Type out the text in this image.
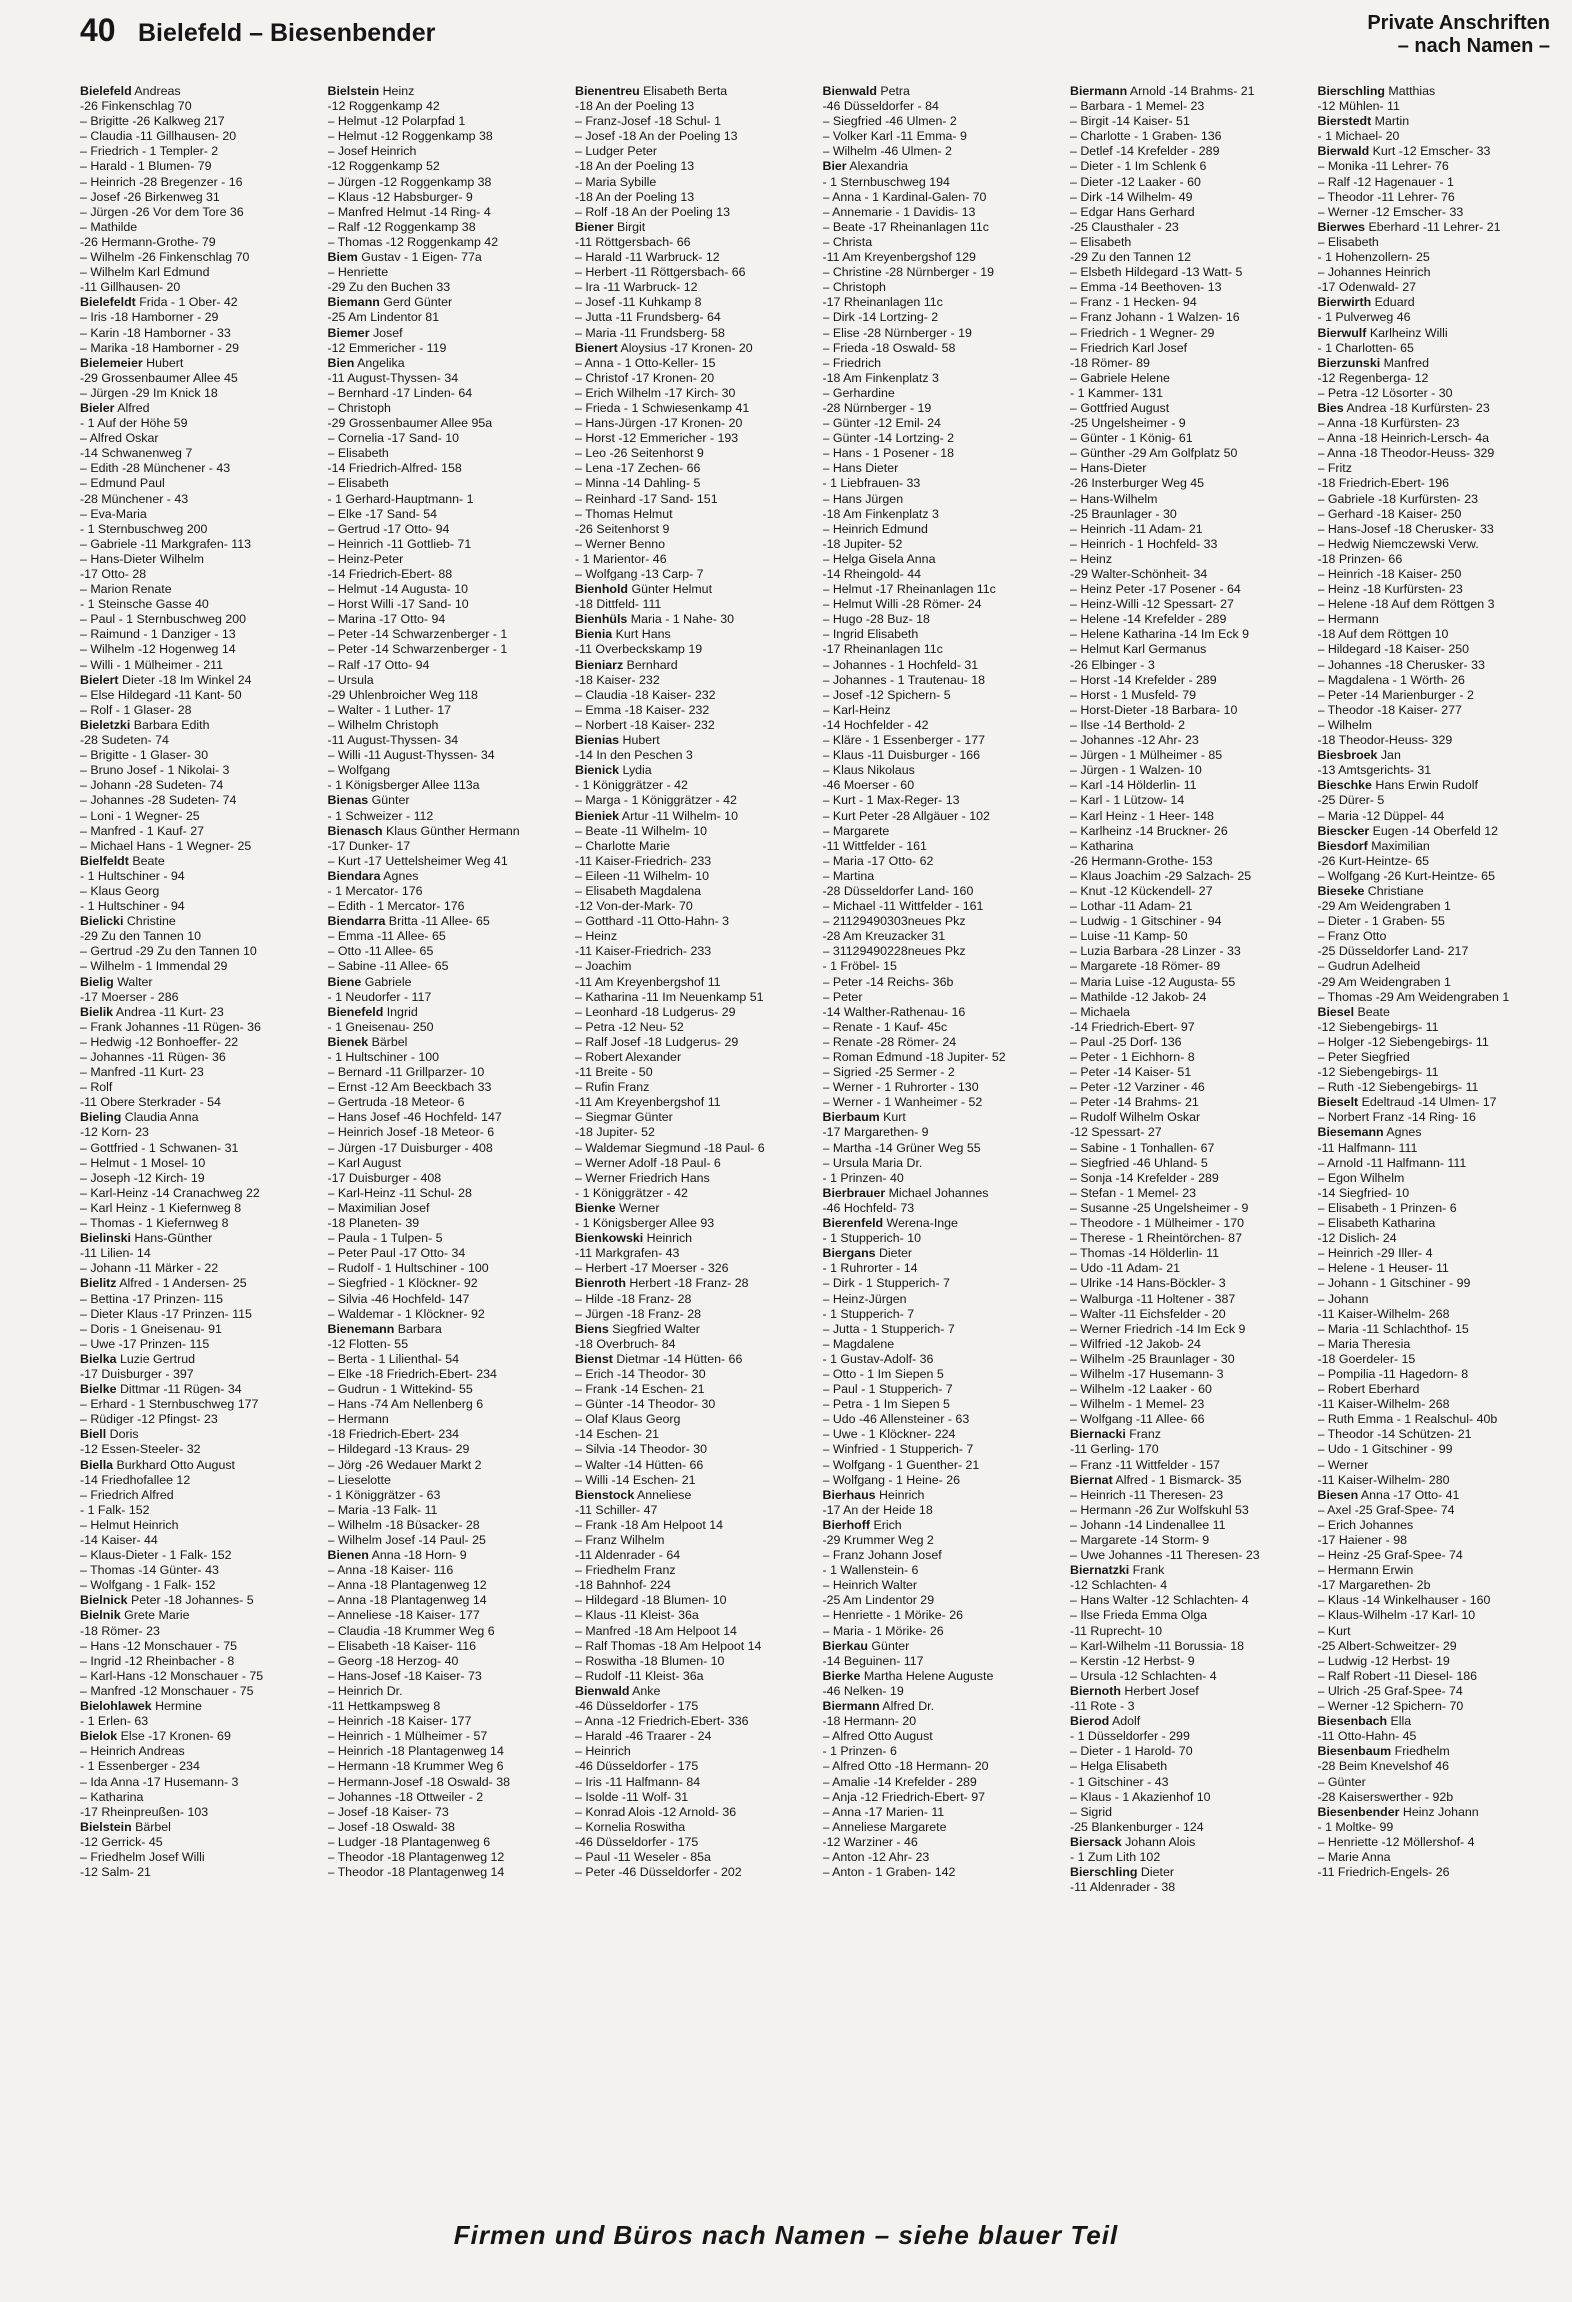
40 Bielefeld – Biesenbender	Private Anschriften
– nach Namen –
Bielefeld Andreas
-26 Finkenschlag 70
– Brigitte -26 Kalkweg 217
– Claudia -11 Gillhausen- 20
– Friedrich - 1 Templer- 2
– Harald - 1 Blumen- 79
– Heinrich -28 Bregenzer - 16
– Josef -26 Birkenweg 31
– Jürgen -26 Vor dem Tore 36
– Mathilde
-26 Hermann-Grothe- 79
– Wilhelm -26 Finkenschlag 70
– Wilhelm Karl Edmund
-11 Gillhausen- 20
Bielefeldt Frida - 1 Ober- 42
– Iris -18 Hamborner - 29
– Karin -18 Hamborner - 33
– Marika -18 Hamborner - 29
Bielemeier Hubert
-29 Grossenbaumer Allee 45
– Jürgen -29 Im Knick 18
Bieler Alfred
- 1 Auf der Höhe 59
– Alfred Oskar
-14 Schwanenweg 7
– Edith -28 Münchener - 43
– Edmund Paul
-28 Münchener - 43
– Eva-Maria
- 1 Sternbuschweg 200
– Gabriele -11 Markgrafen- 113
– Hans-Dieter Wilhelm
-17 Otto- 28
– Marion Renate
- 1 Steinsche Gasse 40
– Paul - 1 Sternbuschweg 200
– Raimund - 1 Danziger - 13
– Wilhelm -12 Hogenweg 14
– Willi - 1 Mülheimer - 211
Bielert Dieter -18 Im Winkel 24
– Else Hildegard -11 Kant- 50
– Rolf - 1 Glaser- 28
Bieletzki Barbara Edith
-28 Sudeten- 74
– Brigitte - 1 Glaser- 30
– Bruno Josef - 1 Nikolai- 3
– Johann -28 Sudeten- 74
– Johannes -28 Sudeten- 74
– Loni - 1 Wegner- 25
– Manfred - 1 Kauf- 27
– Michael Hans - 1 Wegner- 25
Bielfeldt Beate
- 1 Hultschiner - 94
– Klaus Georg
- 1 Hultschiner - 94
Bielicki Christine
-29 Zu den Tannen 10
– Gertrud -29 Zu den Tannen 10
– Wilhelm - 1 Immendal 29
Bielig Walter
-17 Moerser - 286
Bielik Andrea -11 Kurt- 23
– Frank Johannes -11 Rügen- 36
– Hedwig -12 Bonhoeffer- 22
– Johannes -11 Rügen- 36
– Manfred -11 Kurt- 23
– Rolf
-11 Obere Sterkrader - 54
Bieling Claudia Anna
-12 Korn- 23
– Gottfried - 1 Schwanen- 31
– Helmut - 1 Mosel- 10
– Joseph -12 Kirch- 19
– Karl-Heinz -14 Cranachweg 22
– Karl Heinz - 1 Kiefernweg 8
– Thomas - 1 Kiefernweg 8
Bielinski Hans-Günther
-11 Lilien- 14
– Johann -11 Märker - 22
Bielitz Alfred - 1 Andersen- 25
– Bettina -17 Prinzen- 115
– Dieter Klaus -17 Prinzen- 115
– Doris - 1 Gneisenau- 91
– Uwe -17 Prinzen- 115
Bielka Luzie Gertrud
-17 Duisburger - 397
Bielke Dittmar -11 Rügen- 34
– Erhard - 1 Sternbuschweg 177
– Rüdiger -12 Pfingst- 23
Biell Doris
-12 Essen-Steeler- 32
Biella Burkhard Otto August
-14 Friedhofallee 12
– Friedrich Alfred
- 1 Falk- 152
– Helmut Heinrich
-14 Kaiser- 44
– Klaus-Dieter - 1 Falk- 152
– Thomas -14 Günter- 43
– Wolfgang - 1 Falk- 152
Bielnick Peter -18 Johannes- 5
Bielnik Grete Marie
-18 Römer- 23
– Hans -12 Monschauer - 75
– Ingrid -12 Rheinbacher - 8
– Karl-Hans -12 Monschauer - 75
– Manfred -12 Monschauer - 75
Bielohlawek Hermine
- 1 Erlen- 63
Bielok Else -17 Kronen- 69
– Heinrich Andreas
- 1 Essenberger - 234
– Ida Anna -17 Husemann- 3
– Katharina
-17 Rheinpreußen- 103
Bielstein Bärbel
-12 Gerrick- 45
– Friedhelm Josef Willi
-12 Salm- 21
Bielstein Heinz
-12 Roggenkamp 42
– Helmut -12 Polarpfad 1
– Helmut -12 Roggenkamp 38
– Josef Heinrich
-12 Roggenkamp 52
– Jürgen -12 Roggenkamp 38
– Klaus -12 Habsburger- 9
– Manfred Helmut -14 Ring- 4
– Ralf -12 Roggenkamp 38
– Thomas -12 Roggenkamp 42
Biem Gustav - 1 Eigen- 77a
– Henriette
-29 Zu den Buchen 33
Biemann Gerd Günter
-25 Am Lindentor 81
Biemer Josef
-12 Emmericher - 119
Bien Angelika
-11 August-Thyssen- 34
– Bernhard -17 Linden- 64
– Christoph
-29 Grossenbaumer Allee 95a
– Cornelia -17 Sand- 10
– Elisabeth
-14 Friedrich-Alfred- 158
– Elisabeth
- 1 Gerhard-Hauptmann- 1
– Elke -17 Sand- 54
– Gertrud -17 Otto- 94
– Heinrich -11 Gottlieb- 71
– Heinz-Peter
-14 Friedrich-Ebert- 88
– Helmut -14 Augusta- 10
– Horst Willi -17 Sand- 10
– Marina -17 Otto- 94
– Peter -14 Schwarzenberger - 1
– Peter -14 Schwarzenberger - 1
– Ralf -17 Otto- 94
– Ursula
-29 Uhlenbroicher Weg 118
– Walter - 1 Luther- 17
– Wilhelm Christoph
-11 August-Thyssen- 34
– Willi -11 August-Thyssen- 34
– Wolfgang
- 1 Königsberger Allee 113a
Bienas Günter
- 1 Schweizer - 112
Bienasch Klaus Günther Hermann
-17 Dunker- 17
– Kurt -17 Uettelsheimer Weg 41
Biendara Agnes
- 1 Mercator- 176
– Edith - 1 Mercator- 176
Biendarra Britta -11 Allee- 65
– Emma -11 Allee- 65
– Otto -11 Allee- 65
– Sabine -11 Allee- 65
Biene Gabriele
- 1 Neudorfer - 117
Bienefeld Ingrid
- 1 Gneisenau- 250
Bienek Bärbel
- 1 Hultschiner - 100
– Bernard -11 Grillparzer- 10
– Ernst -12 Am Beeckbach 33
– Gertruda -18 Meteor- 6
– Hans Josef -46 Hochfeld- 147
– Heinrich Josef -18 Meteor- 6
– Jürgen -17 Duisburger - 408
– Karl August
-17 Duisburger - 408
– Karl-Heinz -11 Schul- 28
– Maximilian Josef
-18 Planeten- 39
– Paula - 1 Tulpen- 5
– Peter Paul -17 Otto- 34
– Rudolf - 1 Hultschiner - 100
– Siegfried - 1 Klöckner- 92
– Silvia -46 Hochfeld- 147
– Waldemar - 1 Klöckner- 92
Bienemann Barbara
-12 Flotten- 55
– Berta - 1 Lilienthal- 54
– Elke -18 Friedrich-Ebert- 234
– Gudrun - 1 Wittekind- 55
– Hans -74 Am Nellenberg 6
– Hermann
-18 Friedrich-Ebert- 234
– Hildegard -13 Kraus- 29
– Jörg -26 Wedauer Markt 2
– Lieselotte
- 1 Königgrätzer - 63
– Maria -13 Falk- 11
– Wilhelm -18 Büsacker- 28
– Wilhelm Josef -14 Paul- 25
Bienen Anna -18 Horn- 9
– Anna -18 Kaiser- 116
– Anna -18 Plantagenweg 12
– Anna -18 Plantagenweg 14
– Anneliese -18 Kaiser- 177
– Claudia -18 Krummer Weg 6
– Elisabeth -18 Kaiser- 116
– Georg -18 Herzog- 40
– Hans-Josef -18 Kaiser- 73
– Heinrich Dr.
-11 Hettkampsweg 8
– Heinrich -18 Kaiser- 177
– Heinrich - 1 Mülheimer - 57
– Heinrich -18 Plantagenweg 14
– Hermann -18 Krummer Weg 6
– Hermann-Josef -18 Oswald- 38
– Johannes -18 Ottweiler - 2
– Josef -18 Kaiser- 73
– Josef -18 Oswald- 38
– Ludger -18 Plantagenweg 6
– Theodor -18 Plantagenweg 12
– Theodor -18 Plantagenweg 14
Bienentreu Elisabeth Berta
-18 An der Poeling 13
– Franz-Josef -18 Schul- 1
– Josef -18 An der Poeling 13
– Ludger Peter
-18 An der Poeling 13
– Maria Sybille
-18 An der Poeling 13
– Rolf -18 An der Poeling 13
Biener Birgit
-11 Röttgersbach- 66
– Harald -11 Warbruck- 12
– Herbert -11 Röttgersbach- 66
– Ira -11 Warbruck- 12
– Josef -11 Kuhkamp 8
– Jutta -11 Frundsberg- 64
– Maria -11 Frundsberg- 58
Bienert Aloysius -17 Kronen- 20
– Anna - 1 Otto-Keller- 15
– Christof -17 Kronen- 20
– Erich Wilhelm -17 Kirch- 30
– Frieda - 1 Schwiesenkamp 41
– Hans-Jürgen -17 Kronen- 20
– Horst -12 Emmericher - 193
– Leo -26 Seitenhorst 9
– Lena -17 Zechen- 66
– Minna -14 Dahling- 5
– Reinhard -17 Sand- 151
– Thomas Helmut
-26 Seitenhorst 9
– Werner Benno
- 1 Marientor- 46
– Wolfgang -13 Carp- 7
Bienhold Günter Helmut
-18 Dittfeld- 111
Bienhüls Maria - 1 Nahe- 30
Bienia Kurt Hans
-11 Overbeckskamp 19
Bieniarz Bernhard
-18 Kaiser- 232
– Claudia -18 Kaiser- 232
– Emma -18 Kaiser- 232
– Norbert -18 Kaiser- 232
Bienias Hubert
-14 In den Peschen 3
Bienick Lydia
- 1 Königgrätzer - 42
– Marga - 1 Königgrätzer - 42
Bieniek Artur -11 Wilhelm- 10
– Beate -11 Wilhelm- 10
– Charlotte Marie
-11 Kaiser-Friedrich- 233
– Eileen -11 Wilhelm- 10
– Elisabeth Magdalena
-12 Von-der-Mark- 70
– Gotthard -11 Otto-Hahn- 3
– Heinz
-11 Kaiser-Friedrich- 233
– Joachim
-11 Am Kreyenbergshof 11
– Katharina -11 Im Neuenkamp 51
– Leonhard -18 Ludgerus- 29
– Petra -12 Neu- 52
– Ralf Josef -18 Ludgerus- 29
– Robert Alexander
-11 Breite - 50
– Rufin Franz
-11 Am Kreyenbergshof 11
– Siegmar Günter
-18 Jupiter- 52
– Waldemar Siegmund -18 Paul- 6
– Werner Adolf -18 Paul- 6
– Werner Friedrich Hans
- 1 Königgrätzer - 42
Bienke Werner
- 1 Königsberger Allee 93
Bienkowski Heinrich
-11 Markgrafen- 43
– Herbert -17 Moerser - 326
Bienroth Herbert -18 Franz- 28
– Hilde -18 Franz- 28
– Jürgen -18 Franz- 28
Biens Siegfried Walter
-18 Overbruch- 84
Bienst Dietmar -14 Hütten- 66
– Erich -14 Theodor- 30
– Frank -14 Eschen- 21
– Günter -14 Theodor- 30
– Olaf Klaus Georg
-14 Eschen- 21
– Silvia -14 Theodor- 30
– Walter -14 Hütten- 66
– Willi -14 Eschen- 21
Bienstock Anneliese
-11 Schiller- 47
– Frank -18 Am Helpoot 14
– Franz Wilhelm
-11 Aldenrader - 64
– Friedhelm Franz
-18 Bahnhof- 224
– Hildegard -18 Blumen- 10
– Klaus -11 Kleist- 36a
– Manfred -18 Am Helpoot 14
– Ralf Thomas -18 Am Helpoot 14
– Roswitha -18 Blumen- 10
– Rudolf -11 Kleist- 36a
Bienwald Anke
-46 Düsseldorfer - 175
– Anna -12 Friedrich-Ebert- 336
– Harald -46 Traarer - 24
– Heinrich
-46 Düsseldorfer - 175
– Iris -11 Halfmann- 84
– Isolde -11 Wolf- 31
– Konrad Alois -12 Arnold- 36
– Kornelia Roswitha
-46 Düsseldorfer - 175
– Paul -11 Weseler - 85a
– Peter -46 Düsseldorfer - 202
Bienwald Petra
-46 Düsseldorfer - 84
– Siegfried -46 Ulmen- 2
– Volker Karl -11 Emma- 9
– Wilhelm -46 Ulmen- 2
Bier Alexandria
- 1 Sternbuschweg 194
– Anna - 1 Kardinal-Galen- 70
– Annemarie - 1 Davidis- 13
– Beate -17 Rheinanlagen 11c
– Christa
-11 Am Kreyenbergshof 129
– Christine -28 Nürnberger - 19
– Christoph
-17 Rheinanlagen 11c
– Dirk -14 Lortzing- 2
– Elise -28 Nürnberger - 19
– Frieda -18 Oswald- 58
– Friedrich
-18 Am Finkenplatz 3
– Gerhardine
-28 Nürnberger - 19
– Günter -12 Emil- 24
– Günter -14 Lortzing- 2
– Hans - 1 Posener - 18
– Hans Dieter
- 1 Liebfrauen- 33
– Hans Jürgen
-18 Am Finkenplatz 3
– Heinrich Edmund
-18 Jupiter- 52
– Helga Gisela Anna
-14 Rheingold- 44
– Helmut -17 Rheinanlagen 11c
– Helmut Willi -28 Römer- 24
– Hugo -28 Buz- 18
– Ingrid Elisabeth
-17 Rheinanlagen 11c
– Johannes - 1 Hochfeld- 31
– Johannes - 1 Trautenau- 18
– Josef -12 Spichern- 5
– Karl-Heinz
-14 Hochfelder - 42
– Kläre - 1 Essenberger - 177
– Klaus -11 Duisburger - 166
– Klaus Nikolaus
-46 Moerser - 60
– Kurt - 1 Max-Reger- 13
– Kurt Peter -28 Allgäuer - 102
– Margarete
-11 Wittfelder - 161
– Maria -17 Otto- 62
– Martina
-28 Düsseldorfer Land- 160
– Michael -11 Wittfelder - 161
– 21129490303neues Pkz
-28 Am Kreuzacker 31
– 31129490228neues Pkz
- 1 Fröbel- 15
– Peter -14 Reichs- 36b
– Peter
-14 Walther-Rathenau- 16
– Renate - 1 Kauf- 45c
– Renate -28 Römer- 24
– Roman Edmund -18 Jupiter- 52
– Sigried -25 Sermer - 2
– Werner - 1 Ruhrorter - 130
– Werner - 1 Wanheimer - 52
Bierbaum Kurt
-17 Margarethen- 9
– Martha -14 Grüner Weg 55
– Ursula Maria Dr.
- 1 Prinzen- 40
Bierbrauer Michael Johannes
-46 Hochfeld- 73
Bierenfeld Werena-Inge
- 1 Stupperich- 10
Biergans Dieter
- 1 Ruhrorter - 14
– Dirk - 1 Stupperich- 7
– Heinz-Jürgen
- 1 Stupperich- 7
– Jutta - 1 Stupperich- 7
– Magdalene
- 1 Gustav-Adolf- 36
– Otto - 1 Im Siepen 5
– Paul - 1 Stupperich- 7
– Petra - 1 Im Siepen 5
– Udo -46 Allensteiner - 63
– Uwe - 1 Klöckner- 224
– Winfried - 1 Stupperich- 7
– Wolfgang - 1 Guenther- 21
– Wolfgang - 1 Heine- 26
Bierhaus Heinrich
-17 An der Heide 18
Bierhoff Erich
-29 Krummer Weg 2
– Franz Johann Josef
- 1 Wallenstein- 6
– Heinrich Walter
-25 Am Lindentor 29
– Henriette - 1 Mörike- 26
– Maria - 1 Mörike- 26
Bierkau Günter
-14 Beguinen- 117
Bierke Martha Helene Auguste
-46 Nelken- 19
Biermann Alfred Dr.
-18 Hermann- 20
– Alfred Otto August
- 1 Prinzen- 6
– Alfred Otto -18 Hermann- 20
– Amalie -14 Krefelder - 289
– Anja -12 Friedrich-Ebert- 97
– Anna -17 Marien- 11
– Anneliese Margarete
-12 Warziner - 46
– Anton -12 Ahr- 23
– Anton - 1 Graben- 142
Biermann Arnold -14 Brahms- 21
– Barbara - 1 Memel- 23
– Birgit -14 Kaiser- 51
– Charlotte - 1 Graben- 136
– Detlef -14 Krefelder - 289
– Dieter - 1 Im Schlenk 6
– Dieter -12 Laaker - 60
– Dirk -14 Wilhelm- 49
– Edgar Hans Gerhard
-25 Clausthaler - 23
– Elisabeth
-29 Zu den Tannen 12
– Elsbeth Hildegard -13 Watt- 5
– Emma -14 Beethoven- 13
– Franz - 1 Hecken- 94
– Franz Johann - 1 Walzen- 16
– Friedrich - 1 Wegner- 29
– Friedrich Karl Josef
-18 Römer- 89
– Gabriele Helene
- 1 Kammer- 131
– Gottfried August
-25 Ungelsheimer - 9
– Günter - 1 König- 61
– Günther -29 Am Golfplatz 50
– Hans-Dieter
-26 Insterburger Weg 45
– Hans-Wilhelm
-25 Braunlager - 30
– Heinrich -11 Adam- 21
– Heinrich - 1 Hochfeld- 33
– Heinz
-29 Walter-Schönheit- 34
– Heinz Peter -17 Posener - 64
– Heinz-Willi -12 Spessart- 27
– Helene -14 Krefelder - 289
– Helene Katharina -14 Im Eck 9
– Helmut Karl Germanus
-26 Elbinger - 3
– Horst -14 Krefelder - 289
– Horst - 1 Musfeld- 79
– Horst-Dieter -18 Barbara- 10
– Ilse -14 Berthold- 2
– Johannes -12 Ahr- 23
– Jürgen - 1 Mülheimer - 85
– Jürgen - 1 Walzen- 10
– Karl -14 Hölderlin- 11
– Karl - 1 Lützow- 14
– Karl Heinz - 1 Heer- 148
– Karlheinz -14 Bruckner- 26
– Katharina
-26 Hermann-Grothe- 153
– Klaus Joachim -29 Salzach- 25
– Knut -12 Kückendell- 27
– Lothar -11 Adam- 21
– Ludwig - 1 Gitschiner - 94
– Luise -11 Kamp- 50
– Luzia Barbara -28 Linzer - 33
– Margarete -18 Römer- 89
– Maria Luise -12 Augusta- 55
– Mathilde -12 Jakob- 24
– Michaela
-14 Friedrich-Ebert- 97
– Paul -25 Dorf- 136
– Peter - 1 Eichhorn- 8
– Peter -14 Kaiser- 51
– Peter -12 Varziner - 46
– Peter -14 Brahms- 21
– Rudolf Wilhelm Oskar
-12 Spessart- 27
– Sabine - 1 Tonhallen- 67
– Siegfried -46 Uhland- 5
– Sonja -14 Krefelder - 289
– Stefan - 1 Memel- 23
– Susanne -25 Ungelsheimer - 9
– Theodore - 1 Mülheimer - 170
– Therese - 1 Rheintörchen- 87
– Thomas -14 Hölderlin- 11
– Udo -11 Adam- 21
– Ulrike -14 Hans-Böckler- 3
– Walburga -11 Holtener - 387
– Walter -11 Eichsfelder - 20
– Werner Friedrich -14 Im Eck 9
– Wilfried -12 Jakob- 24
– Wilhelm -25 Braunlager - 30
– Wilhelm -17 Husemann- 3
– Wilhelm -12 Laaker - 60
– Wilhelm - 1 Memel- 23
– Wolfgang -11 Allee- 66
Biernacki Franz
-11 Gerling- 170
– Franz -11 Wittfelder - 157
Biernat Alfred - 1 Bismarck- 35
– Heinrich -11 Theresen- 23
– Hermann -26 Zur Wolfskuhl 53
– Johann -14 Lindenallee 11
– Margarete -14 Storm- 9
– Uwe Johannes -11 Theresen- 23
Biernatzki Frank
-12 Schlachten- 4
– Hans Walter -12 Schlachten- 4
– Ilse Frieda Emma Olga
-11 Ruprecht- 10
– Karl-Wilhelm -11 Borussia- 18
– Kerstin -12 Herbst- 9
– Ursula -12 Schlachten- 4
Biernoth Herbert Josef
-11 Rote - 3
Bierod Adolf
- 1 Düsseldorfer - 299
– Dieter - 1 Harold- 70
– Helga Elisabeth
- 1 Gitschiner - 43
– Klaus - 1 Akazienhof 10
– Sigrid
-25 Blankenburger - 124
Biersack Johann Alois
- 1 Zum Lith 102
Bierschling Dieter
-11 Aldenrader - 38
Bierschling Matthias
-12 Mühlen- 11
Bierstedt Martin
- 1 Michael- 20
Bierwald Kurt -12 Emscher- 33
– Monika -11 Lehrer- 76
– Ralf -12 Hagenauer - 1
– Theodor -11 Lehrer- 76
– Werner -12 Emscher- 33
Bierwes Eberhard -11 Lehrer- 21
– Elisabeth
- 1 Hohenzollern- 25
– Johannes Heinrich
-17 Odenwald- 27
Bierwirth Eduard
- 1 Pulverweg 46
Bierwulf Karlheinz Willi
- 1 Charlotten- 65
Bierzunski Manfred
-12 Regenberga- 12
– Petra -12 Lösorter - 30
Bies Andrea -18 Kurfürsten- 23
– Anna -18 Kurfürsten- 23
– Anna -18 Heinrich-Lersch- 4a
– Anna -18 Theodor-Heuss- 329
– Fritz
-18 Friedrich-Ebert- 196
– Gabriele -18 Kurfürsten- 23
– Gerhard -18 Kaiser- 250
– Hans-Josef -18 Cherusker- 33
– Hedwig Niemczewski Verw.
-18 Prinzen- 66
– Heinrich -18 Kaiser- 250
– Heinz -18 Kurfürsten- 23
– Helene -18 Auf dem Röttgen 3
– Hermann
-18 Auf dem Röttgen 10
– Hildegard -18 Kaiser- 250
– Johannes -18 Cherusker- 33
– Magdalena - 1 Wörth- 26
– Peter -14 Marienburger - 2
– Theodor -18 Kaiser- 277
– Wilhelm
-18 Theodor-Heuss- 329
Biesbroek Jan
-13 Amtsgerichts- 31
Bieschke Hans Erwin Rudolf
-25 Dürer- 5
– Maria -12 Düppel- 44
Biescker Eugen -14 Oberfeld 12
Biesdorf Maximilian
-26 Kurt-Heintze- 65
– Wolfgang -26 Kurt-Heintze- 65
Bieseke Christiane
-29 Am Weidengraben 1
– Dieter - 1 Graben- 55
– Franz Otto
-25 Düsseldorfer Land- 217
– Gudrun Adelheid
-29 Am Weidengraben 1
– Thomas -29 Am Weidengraben 1
Biesel Beate
-12 Siebengebirgs- 11
– Holger -12 Siebengebirgs- 11
– Peter Siegfried
-12 Siebengebirgs- 11
– Ruth -12 Siebengebirgs- 11
Bieselt Edeltraud -14 Ulmen- 17
– Norbert Franz -14 Ring- 16
Biesemann Agnes
-11 Halfmann- 111
– Arnold -11 Halfmann- 111
– Egon Wilhelm
-14 Siegfried- 10
– Elisabeth - 1 Prinzen- 6
– Elisabeth Katharina
-12 Dislich- 24
– Heinrich -29 Iller- 4
– Helene - 1 Heuser- 11
– Johann - 1 Gitschiner - 99
– Johann
-11 Kaiser-Wilhelm- 268
– Maria -11 Schlachthof- 15
– Maria Theresia
-18 Goerdeler- 15
– Pompilia -11 Hagedorn- 8
– Robert Eberhard
-11 Kaiser-Wilhelm- 268
– Ruth Emma - 1 Realschul- 40b
– Theodor -14 Schützen- 21
– Udo - 1 Gitschiner - 99
– Werner
-11 Kaiser-Wilhelm- 280
Biesen Anna -17 Otto- 41
– Axel -25 Graf-Spee- 74
– Erich Johannes
-17 Haiener - 98
– Heinz -25 Graf-Spee- 74
– Hermann Erwin
-17 Margarethen- 2b
– Klaus -14 Winkelhauser - 160
– Klaus-Wilhelm -17 Karl- 10
– Kurt
-25 Albert-Schweitzer- 29
– Ludwig -12 Herbst- 19
– Ralf Robert -11 Diesel- 186
– Ulrich -25 Graf-Spee- 74
– Werner -12 Spichern- 70
Biesenbach Ella
-11 Otto-Hahn- 45
Biesenbaum Friedhelm
-28 Beim Knevelshof 46
– Günter
-28 Kaiserswerther - 92b
Biesenbender Heinz Johann
- 1 Moltke- 99
– Henriette -12 Möllershof- 4
– Marie Anna
-11 Friedrich-Engels- 26
Firmen und Büros nach Namen – siehe blauer Teil
